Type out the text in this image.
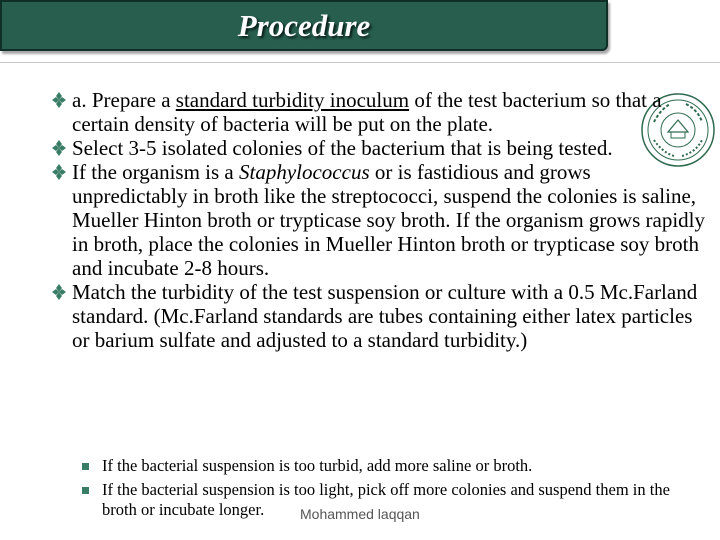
Procedure
a. Prepare a standard turbidity inoculum of the test bacterium so that a certain density of bacteria will be put on the plate.
Select 3-5 isolated colonies of the bacterium that is being tested.
If the organism is a Staphylococcus or is fastidious and grows unpredictably in broth like the streptococci, suspend the colonies is saline, Mueller Hinton broth or trypticase soy broth. If the organism grows rapidly in broth, place the colonies in Mueller Hinton broth or trypticase soy broth and incubate 2-8 hours.
Match the turbidity of the test suspension or culture with a 0.5 Mc.Farland standard. (Mc.Farland standards are tubes containing either latex particles or barium sulfate and adjusted to a standard turbidity.)
If the bacterial suspension is too turbid, add more saline or broth.
If the bacterial suspension is too light, pick off more colonies and suspend them in the broth or incubate longer.	Mohammed laqqan
